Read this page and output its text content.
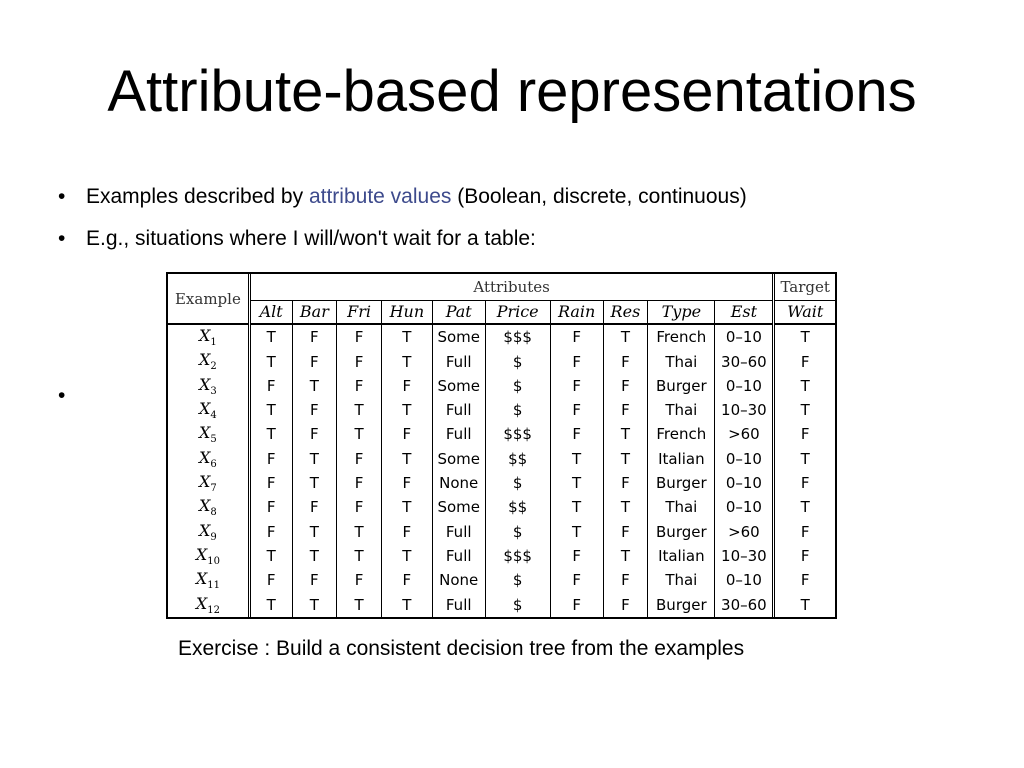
Attribute-based representations
• Examples described by attribute values (Boolean, discrete, continuous)
• E.g., situations where I will/won't wait for a table:
•
Example	Attributes										Target
	Alt	Bar	Fri	Hun	Pat	Price	Rain	Res	Type	Est	Wait
$X_1$	T	F	F	T	Some	$$$	F	T	French	0–10	T
$X_2$	T	F	F	T	Full	$	F	F	Thai	30–60	F
$X_3$	F	T	F	F	Some	$	F	F	Burger	0–10	T
$X_4$	T	F	T	T	Full	$	F	F	Thai	10–30	T
$X_5$	T	F	T	F	Full	$$$	F	T	French	>60	F
$X_6$	F	T	F	T	Some	$$	T	T	Italian	0–10	T
$X_7$	F	T	F	F	None	$	T	F	Burger	0–10	F
$X_8$	F	F	F	T	Some	$$	T	T	Thai	0–10	T
$X_9$	F	T	T	F	Full	$	T	F	Burger	>60	F
$X_{10}$	T	T	T	T	Full	$$$	F	T	Italian	10–30	F
$X_{11}$	F	F	F	F	None	$	F	F	Thai	0–10	F
$X_{12}$	T	T	T	T	Full	$	F	F	Burger	30–60	T
Exercise : Build a consistent decision tree from the examples
